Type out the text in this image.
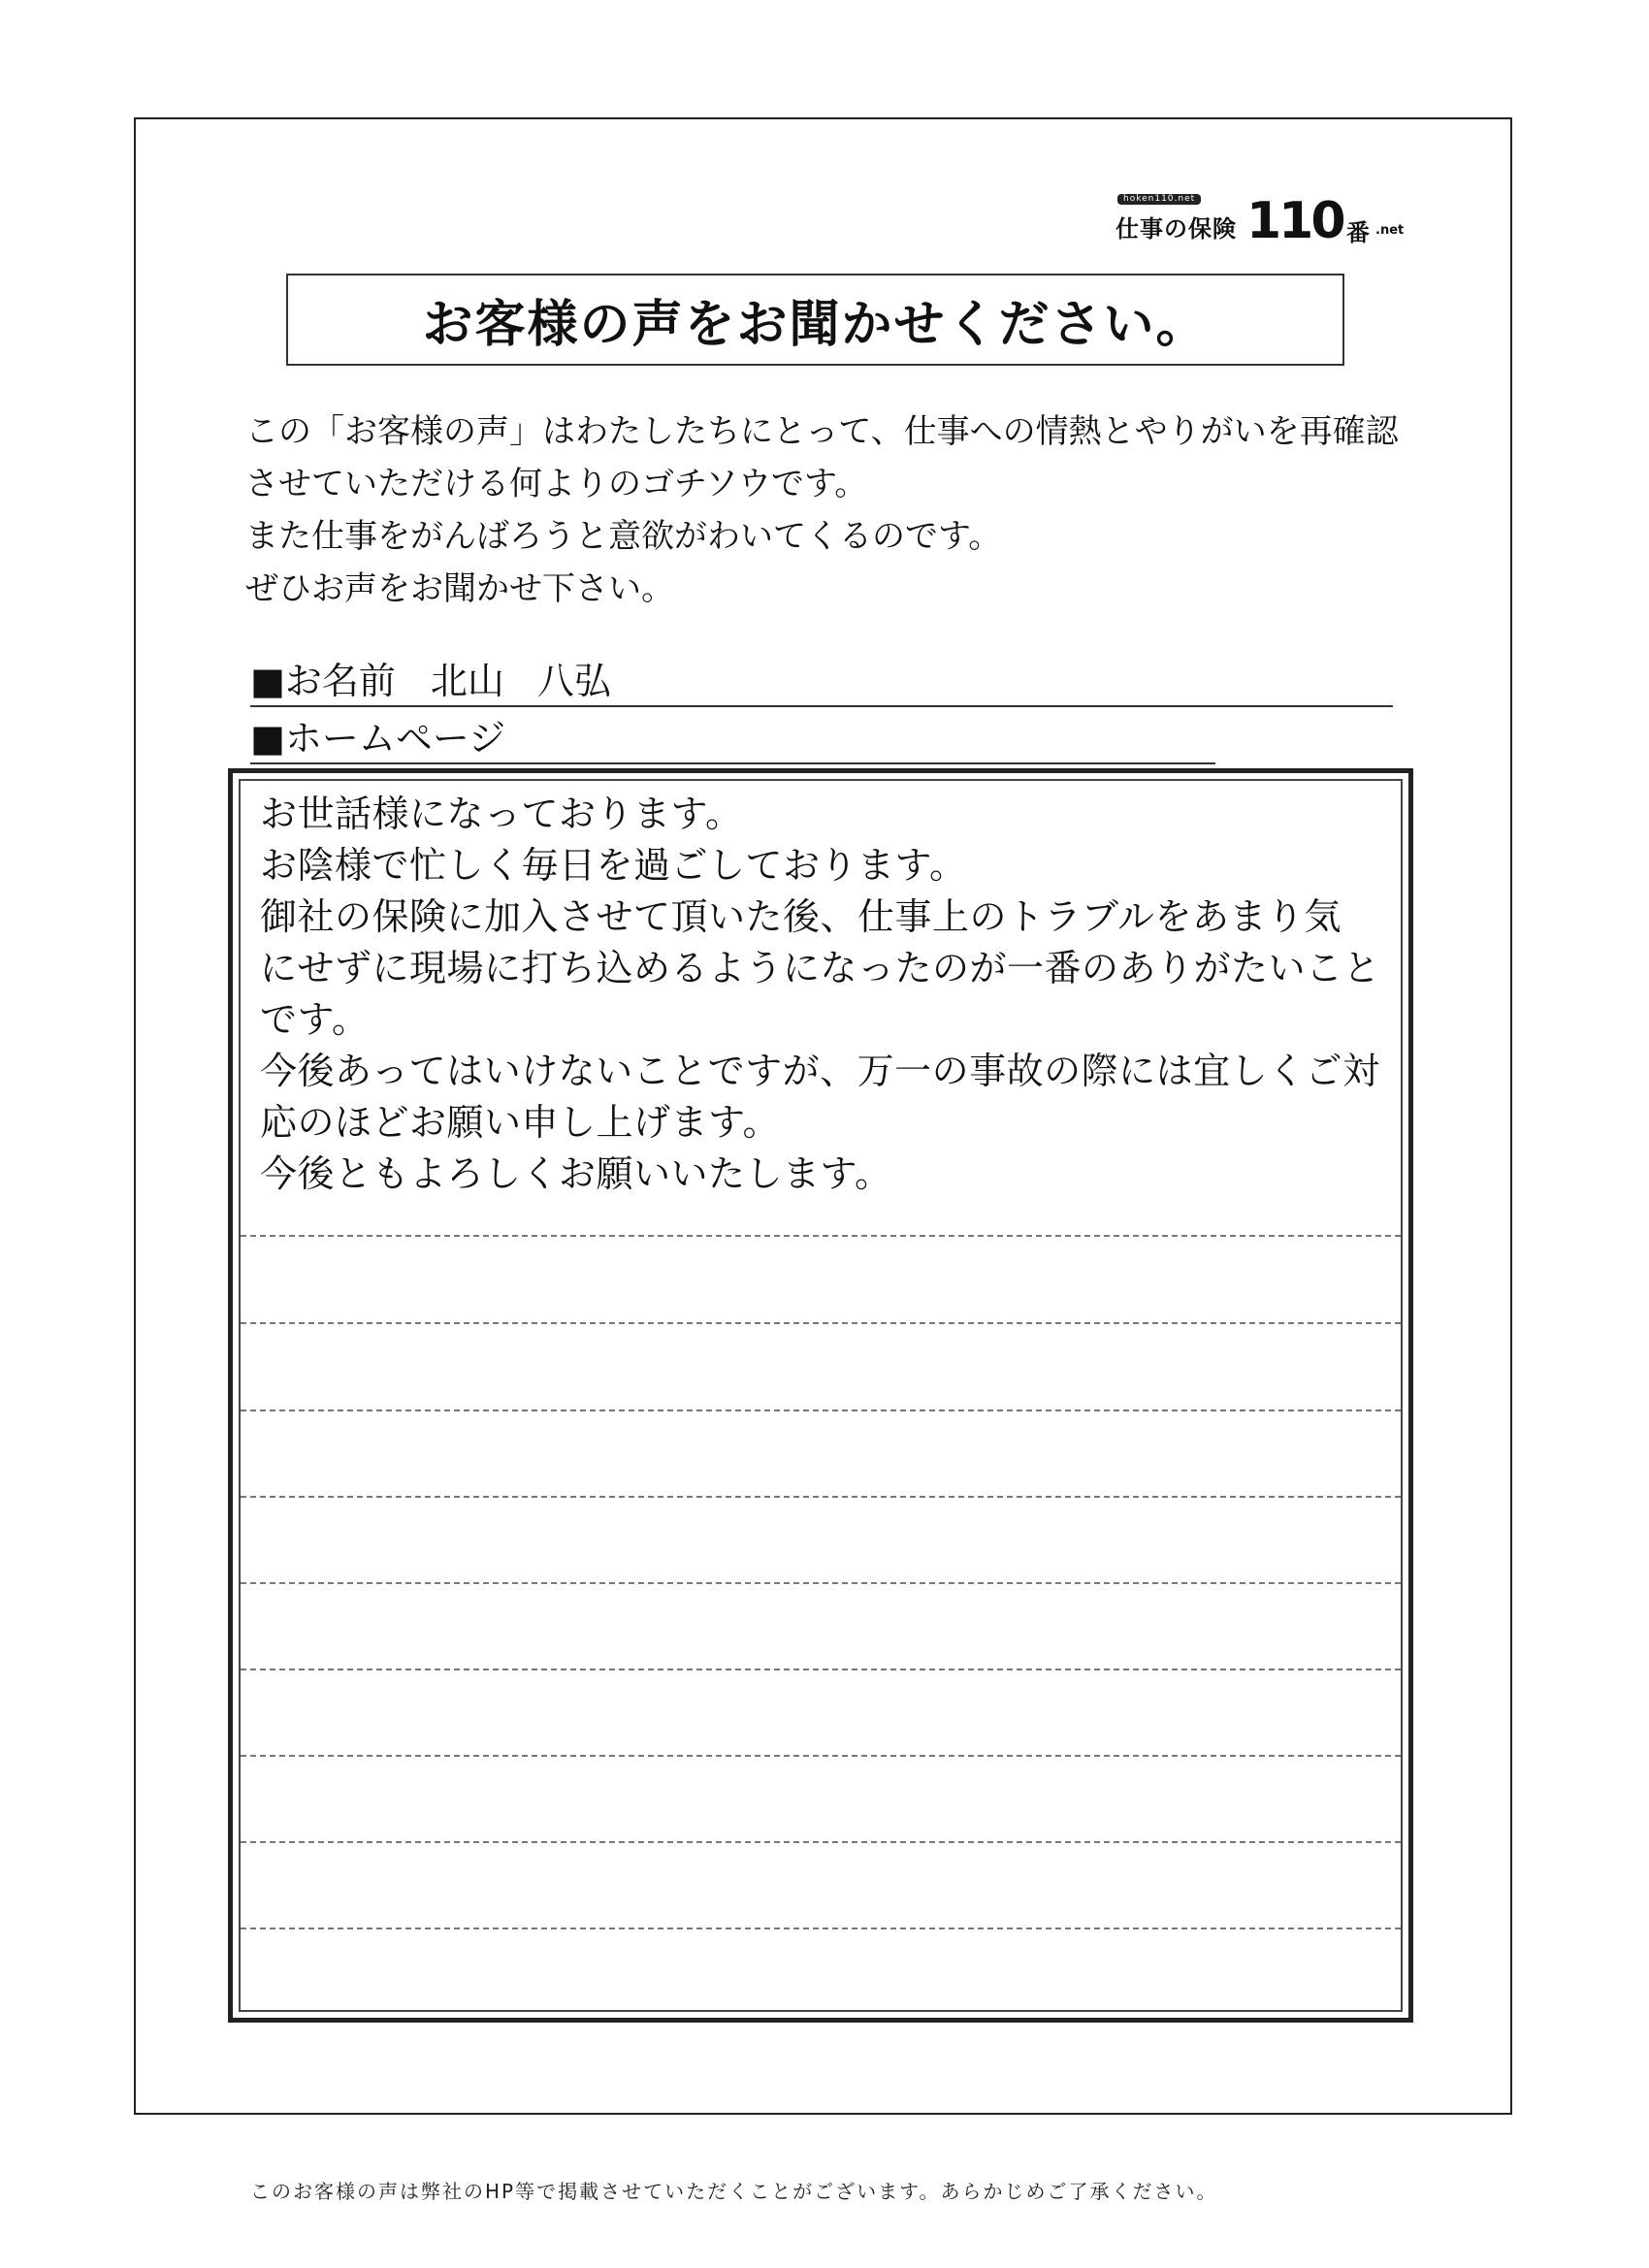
hoken110.net
仕事の保険 110 番 .net
お客様の声をお聞かせください。
この「お客様の声」はわたしたちにとって、仕事への情熱とやりがいを再確認
させていただける何よりのゴチソウです。
また仕事をがんばろうと意欲がわいてくるのです。
ぜひお声をお聞かせ下さい。
■お名前 北山 八弘
■ホームページ
お世話様になっております。
お陰様で忙しく毎日を過ごしております。
御社の保険に加入させて頂いた後、仕事上のトラブルをあまり気
にせずに現場に打ち込めるようになったのが一番のありがたいこと
です。
今後あってはいけないことですが、万一の事故の際には宜しくご対
応のほどお願い申し上げます。
今後ともよろしくお願いいたします。
このお客様の声は弊社のHP等で掲載させていただくことがございます。あらかじめご了承ください。
